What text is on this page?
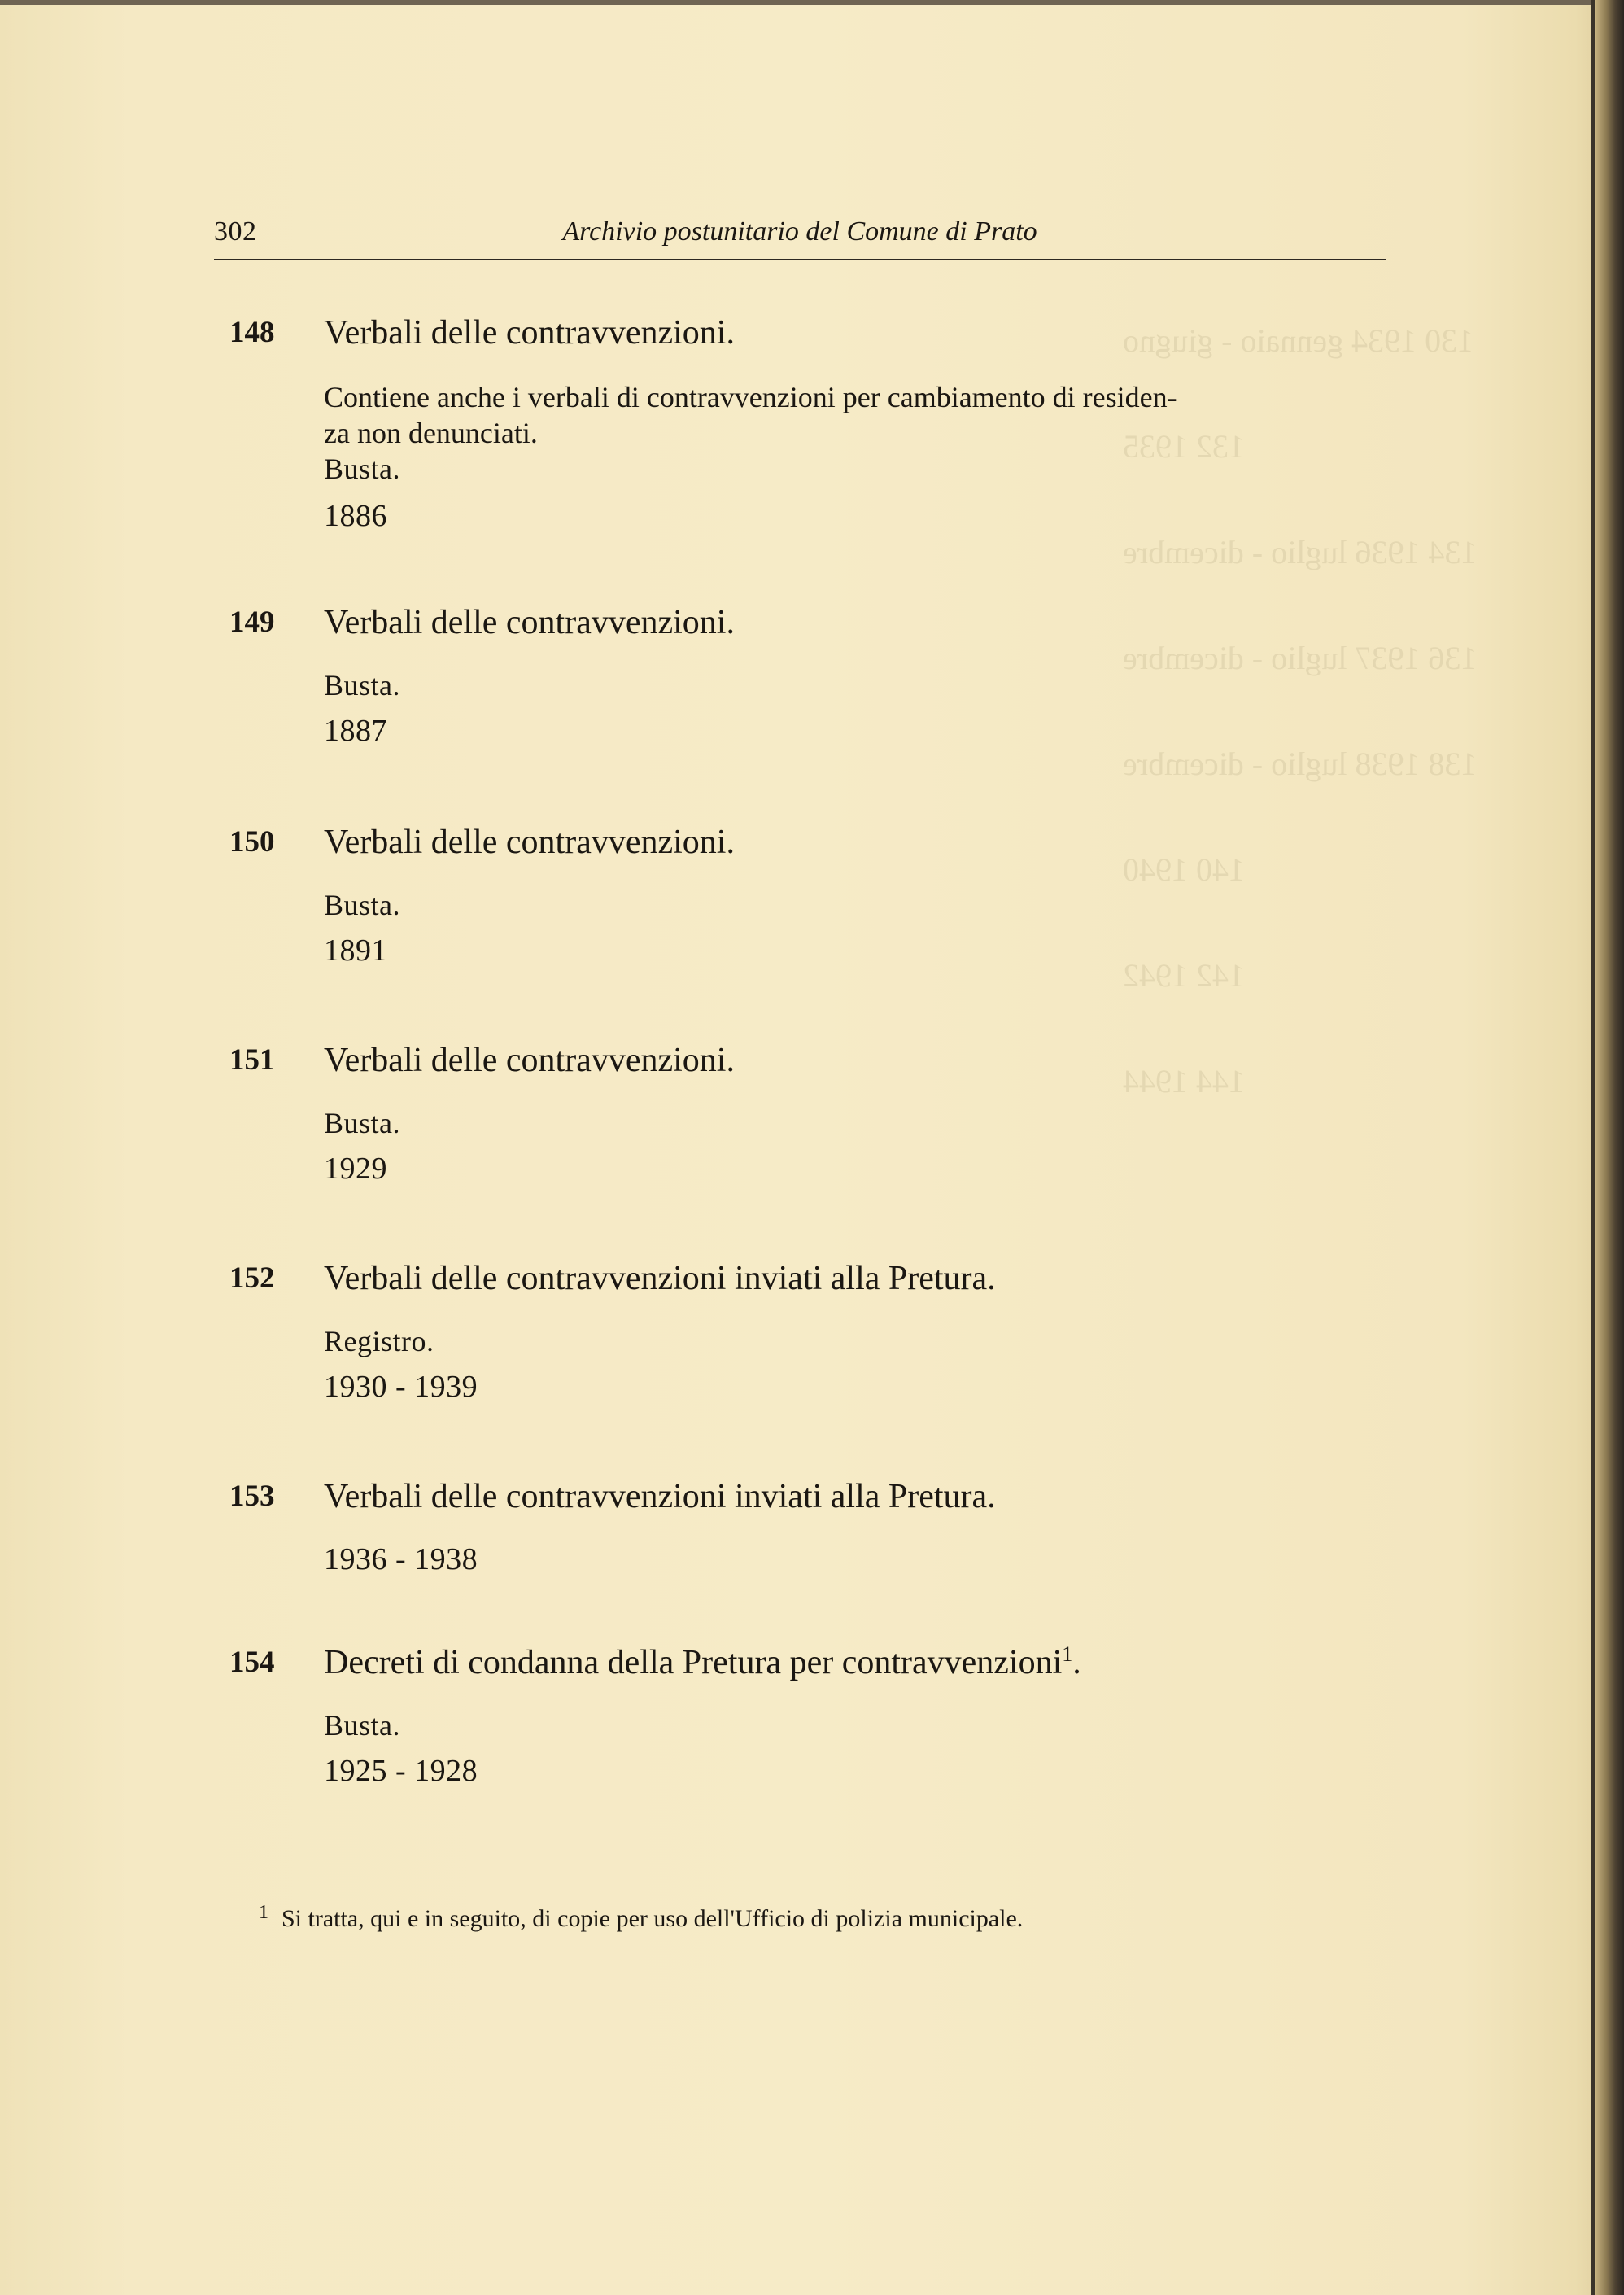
130 1934 gennaio - giugno
132 1935
134 1936 luglio - dicembre
136 1937 luglio - dicembre
138 1938 luglio - dicembre
140 1940
142 1942
144 1944
302	Archivio postunitario del Comune di Prato
148 Verbali delle contravvenzioni.

Contiene anche i verbali di contravvenzioni per cambiamento di residen-

za non denunciati.

Busta.

1886

149 Verbali delle contravvenzioni.

Busta.

1887

150 Verbali delle contravvenzioni.

Busta.

1891

151 Verbali delle contravvenzioni.

Busta.

1929

152 Verbali delle contravvenzioni inviati alla Pretura.

Registro.

1930 - 1939

153 Verbali delle contravvenzioni inviati alla Pretura.

1936 - 1938

154 Decreti di condanna della Pretura per contravvenzioni$^1$.

Busta.

1925 - 1928

$^1$ Si tratta, qui e in seguito, di copie per uso dell'Ufficio di polizia municipale.
